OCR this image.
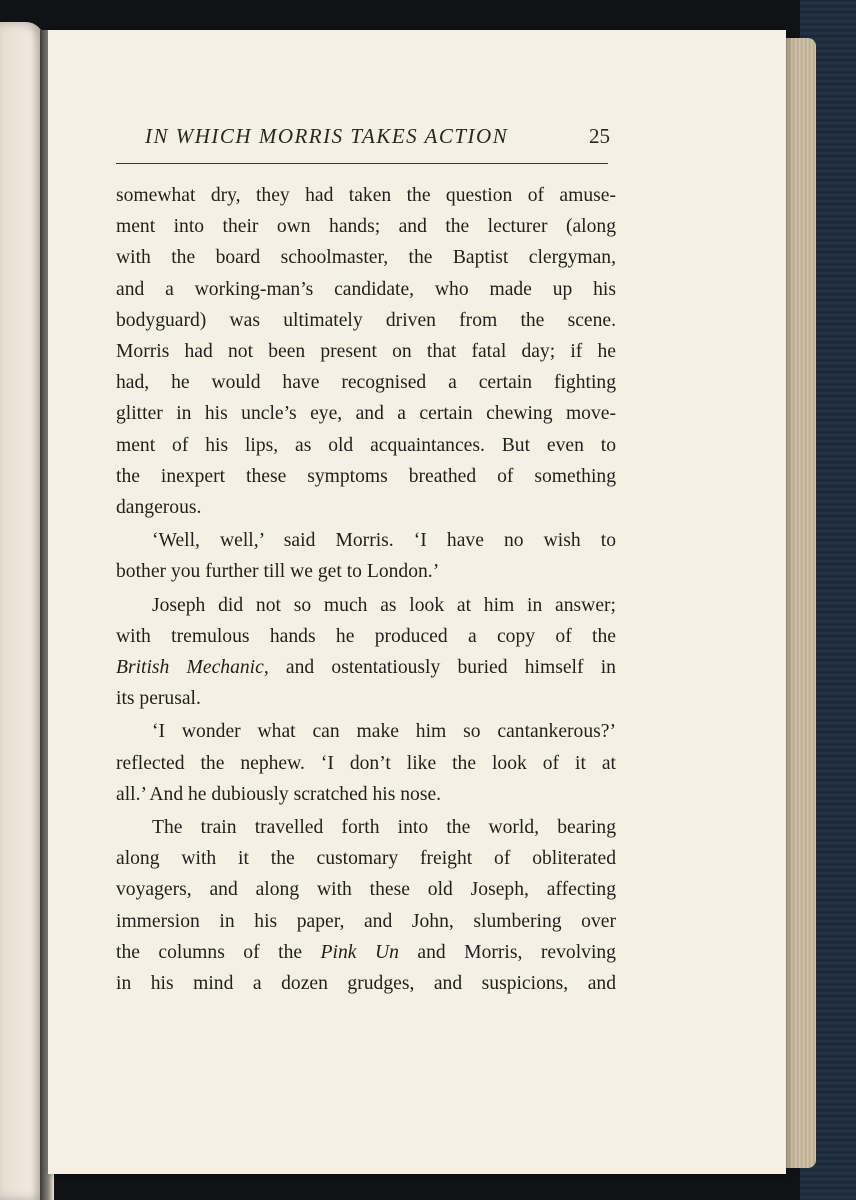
IN WHICH MORRIS TAKES ACTION	25
somewhat dry, they had taken the question of amuse-
ment into their own hands; and the lecturer (along
with the board schoolmaster, the Baptist clergyman,
and a working-man’s candidate, who made up his
bodyguard) was ultimately driven from the scene.
Morris had not been present on that fatal day; if he
had, he would have recognised a certain fighting
glitter in his uncle’s eye, and a certain chewing move-
ment of his lips, as old acquaintances. But even to
the inexpert these symptoms breathed of something
dangerous.
‘Well, well,’ said Morris. ‘I have no wish to
bother you further till we get to London.’
Joseph did not so much as look at him in answer;
with tremulous hands he produced a copy of the
British Mechanic, and ostentatiously buried himself in
its perusal.
‘I wonder what can make him so cantankerous?’
reflected the nephew. ‘I don’t like the look of it at
all.’ And he dubiously scratched his nose.
The train travelled forth into the world, bearing
along with it the customary freight of obliterated
voyagers, and along with these old Joseph, affecting
immersion in his paper, and John, slumbering over
the columns of the Pink Un and Morris, revolving
in his mind a dozen grudges, and suspicions, and
